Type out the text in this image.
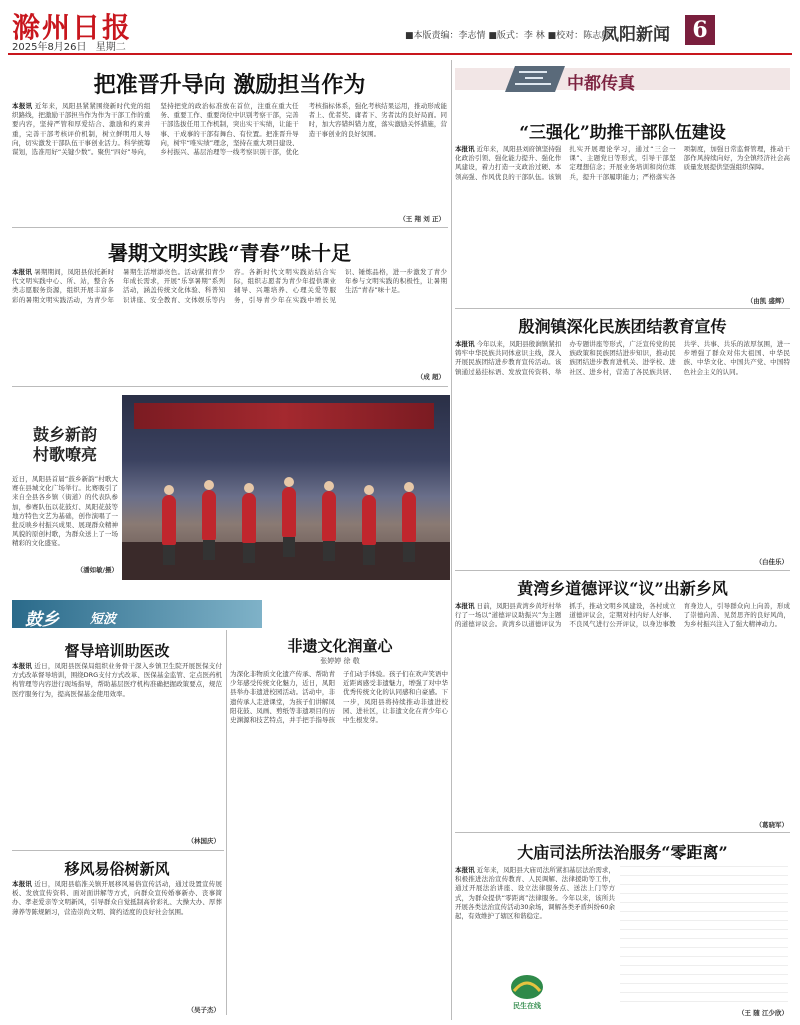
滁州日报
2025年8月26日 星期二
■本版责编：李志情 ■版式：李 林 ■校对：陈志颇
凤阳新闻	6
把准晋升导向 激励担当作为
本报讯 近年来，凤阳县紧紧围绕新时代党的组织路线，把激励干部担当作为作为干部工作的重要内容，坚持严管和厚爱结合、激励和约束并重，完善干部考核评价机制，树立鲜明用人导向，切实激发干部队伍干事创业活力。科学统筹谋划，选准用好“关键少数”。聚焦“四好”导向，坚持把党的政治标准放在首位，注重在重大任务、重要工作、重要岗位中识别考察干部，完善干部选拔任用工作机制，突出实干实绩，让能干事、干成事的干部有舞台、有位置。把准晋升导向，树牢“唯实绩”理念，坚持在重大项目建设、乡村振兴、基层治理等一线考察识别干部，优化考核指标体系，强化考核结果运用，推动形成能者上、优者奖、庸者下、劣者汰的良好局面。同时，加大容错纠错力度，落实激励关怀措施，营造干事创业的良好氛围。
（王 翔 刘 正）
暑期文明实践“青春”味十足
本报讯 暑期期间，凤阳县依托新时代文明实践中心、所、站，整合各类志愿服务资源，组织开展丰富多彩的暑期文明实践活动，为青少年暑期生活增添亮色。活动紧扣青少年成长需求，开展“乐享暑期”系列活动，涵盖传统文化体验、科普知识讲座、安全教育、文体娱乐等内容。各新时代文明实践站结合实际，组织志愿者为青少年提供课业辅导、兴趣培养、心理关爱等服务，引导青少年在实践中增长见识、锤炼品格，进一步激发了青少年参与文明实践的积极性，让暑期生活“青春”味十足。
（成 超）
鼓乡新韵
村歌嘹亮
近日，凤阳县首届“鼓乡新韵”村歌大赛在县城文化广场举行。比赛吸引了来自全县各乡镇（街道）的代表队参加，参赛队伍以花鼓灯、凤阳花鼓等地方特色文艺为基础，创作演唱了一批反映乡村振兴成果、展现群众精神风貌的原创村歌，为群众送上了一场精彩的文化盛宴。
（潘如敏/摄）
鼓乡 短波
督导培训助医改
本报讯 近日，凤阳县医保局组织业务骨干深入乡镇卫生院开展医保支付方式改革督导培训，围绕DRG支付方式改革、医保基金监管、定点医药机构管理等内容进行现场指导，帮助基层医疗机构准确把握政策要点，规范医疗服务行为，提高医保基金使用效率。
（林国庆）
移风易俗树新风
本报讯 近日，凤阳县临淮关镇开展移风易俗宣传活动，通过设置宣传展板、发放宣传资料、面对面讲解等方式，向群众宣传婚事新办、丧事简办、孝老爱亲等文明新风，引导群众自觉抵制高价彩礼、大操大办、厚葬薄养等陈规陋习，营造崇尚文明、简约适度的良好社会氛围。
（吴子杰）
非遗文化润童心
张婷婷 徐 敬
为深化非物质文化遗产传承、帮助青少年感受传统文化魅力，近日，凤阳县举办非遗进校园活动。活动中，非遗传承人走进课堂，为孩子们讲解凤阳花鼓、凤画、剪纸等非遗项目的历史渊源和技艺特点，并手把手指导孩子们动手体验。孩子们在欢声笑语中近距离感受非遗魅力，增强了对中华优秀传统文化的认同感和自豪感。下一步，凤阳县将持续推动非遗进校园、进社区，让非遗文化在青少年心中生根发芽。
中都传真
“三强化”助推干部队伍建设
本报讯 近年来，凤阳县刘府镇坚持强化政治引领、强化能力提升、强化作风建设，着力打造一支政治过硬、本领高强、作风优良的干部队伍。该镇扎实开展理论学习，通过“三会一课”、主题党日等形式，引导干部坚定理想信念；开展业务培训和岗位练兵，提升干部履职能力；严格落实各项制度，加强日常监督管理，推动干部作风持续向好，为全镇经济社会高质量发展提供坚强组织保障。
（由凯 盛辉）
殷涧镇深化民族团结教育宣传
本报讯 今年以来，凤阳县殷涧镇紧扣铸牢中华民族共同体意识主线，深入开展民族团结进步教育宣传活动。该镇通过悬挂标语、发放宣传资料、举办专题讲座等形式，广泛宣传党的民族政策和民族团结进步知识，推动民族团结进步教育进机关、进学校、进社区、进乡村，营造了各民族共居、共学、共事、共乐的浓厚氛围，进一步增强了群众对伟大祖国、中华民族、中华文化、中国共产党、中国特色社会主义的认同。
（白佳乐）
黄湾乡道德评议“议”出新乡风
本报讯 日前，凤阳县黄湾乡黄圩村举行了一场以“道德评议助振兴”为主题的道德评议会。黄湾乡以道德评议为抓手，推动文明乡风建设，各村成立道德评议会，定期对村内好人好事、不良风气进行公开评议，以身边事教育身边人，引导群众向上向善，形成了崇德向善、见贤思齐的良好风尚，为乡村振兴注入了强大精神动力。
（葛晓军）
大庙司法所法治服务“零距离”
本报讯 近年来，凤阳县大庙司法所紧扣基层法治需求，积极推进法治宣传教育、人民调解、法律援助等工作，通过开展法治讲座、设立法律服务点、送法上门等方式，为群众提供“零距离”法律服务。今年以来，该所共开展各类法治宣传活动30余场，调解各类矛盾纠纷60余起，有效维护了辖区和谐稳定。
（王 随 江少欣）
民生在线
